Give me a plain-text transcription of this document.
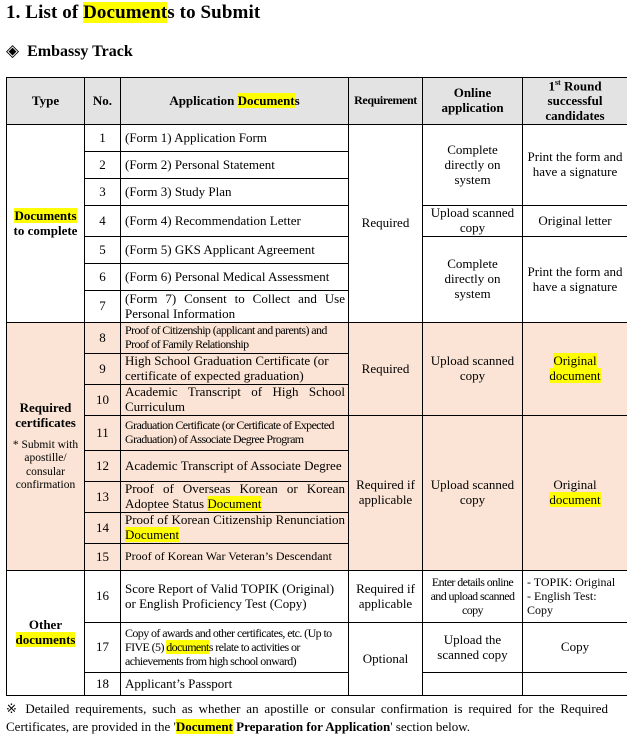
1. List of Documents to Submit
◈ Embassy Track
Type	No.	Application Documents	Requirement	Online application	1st Round successful candidates
Documents
to complete	1	(Form 1) Application Form	Required	Complete directly on system	Print the form and have a signature
	2	(Form 2) Personal Statement			
	3	(Form 3) Study Plan			
	4	(Form 4) Recommendation Letter		Upload scanned copy	Original letter
	5	(Form 5) GKS Applicant Agreement		Complete directly on system	Print the form and have a signature
	6	(Form 6) Personal Medical Assessment			
	7	(Form 7) Consent to Collect and Use Personal Information			
Required certificates
* Submit with apostille/ consular confirmation	8	Proof of Citizenship (applicant and parents) and Proof of Family Relationship	Required	Upload scanned copy	Original
document
	9	High School Graduation Certificate (or certificate of expected graduation)			
	10	Academic Transcript of High School Curriculum			
	11	Graduation Certificate (or Certificate of Expected Graduation) of Associate Degree Program	Required if applicable	Upload scanned copy	Original
document
	12	Academic Transcript of Associate Degree			
	13	Proof of Overseas Korean or Korean Adoptee Status Document			
	14	Proof of Korean Citizenship Renunciation Document			
	15	Proof of Korean War Veteran’s Descendant			
Other
documents	16	Score Report of Valid TOPIK (Original) or English Proficiency Test (Copy)	Required if applicable	Enter details online and upload scanned copy	- TOPIK: Original
- English Test: Copy
	17	Copy of awards and other certificates, etc. (Up to FIVE (5) documents relate to activities or achievements from high school onward)	Optional	Upload the scanned copy	Copy
	18	Applicant’s Passport			
※ Detailed requirements, such as whether an apostille or consular confirmation is required for the Required Certificates, are provided in the 'Document Preparation for Application' section below.
